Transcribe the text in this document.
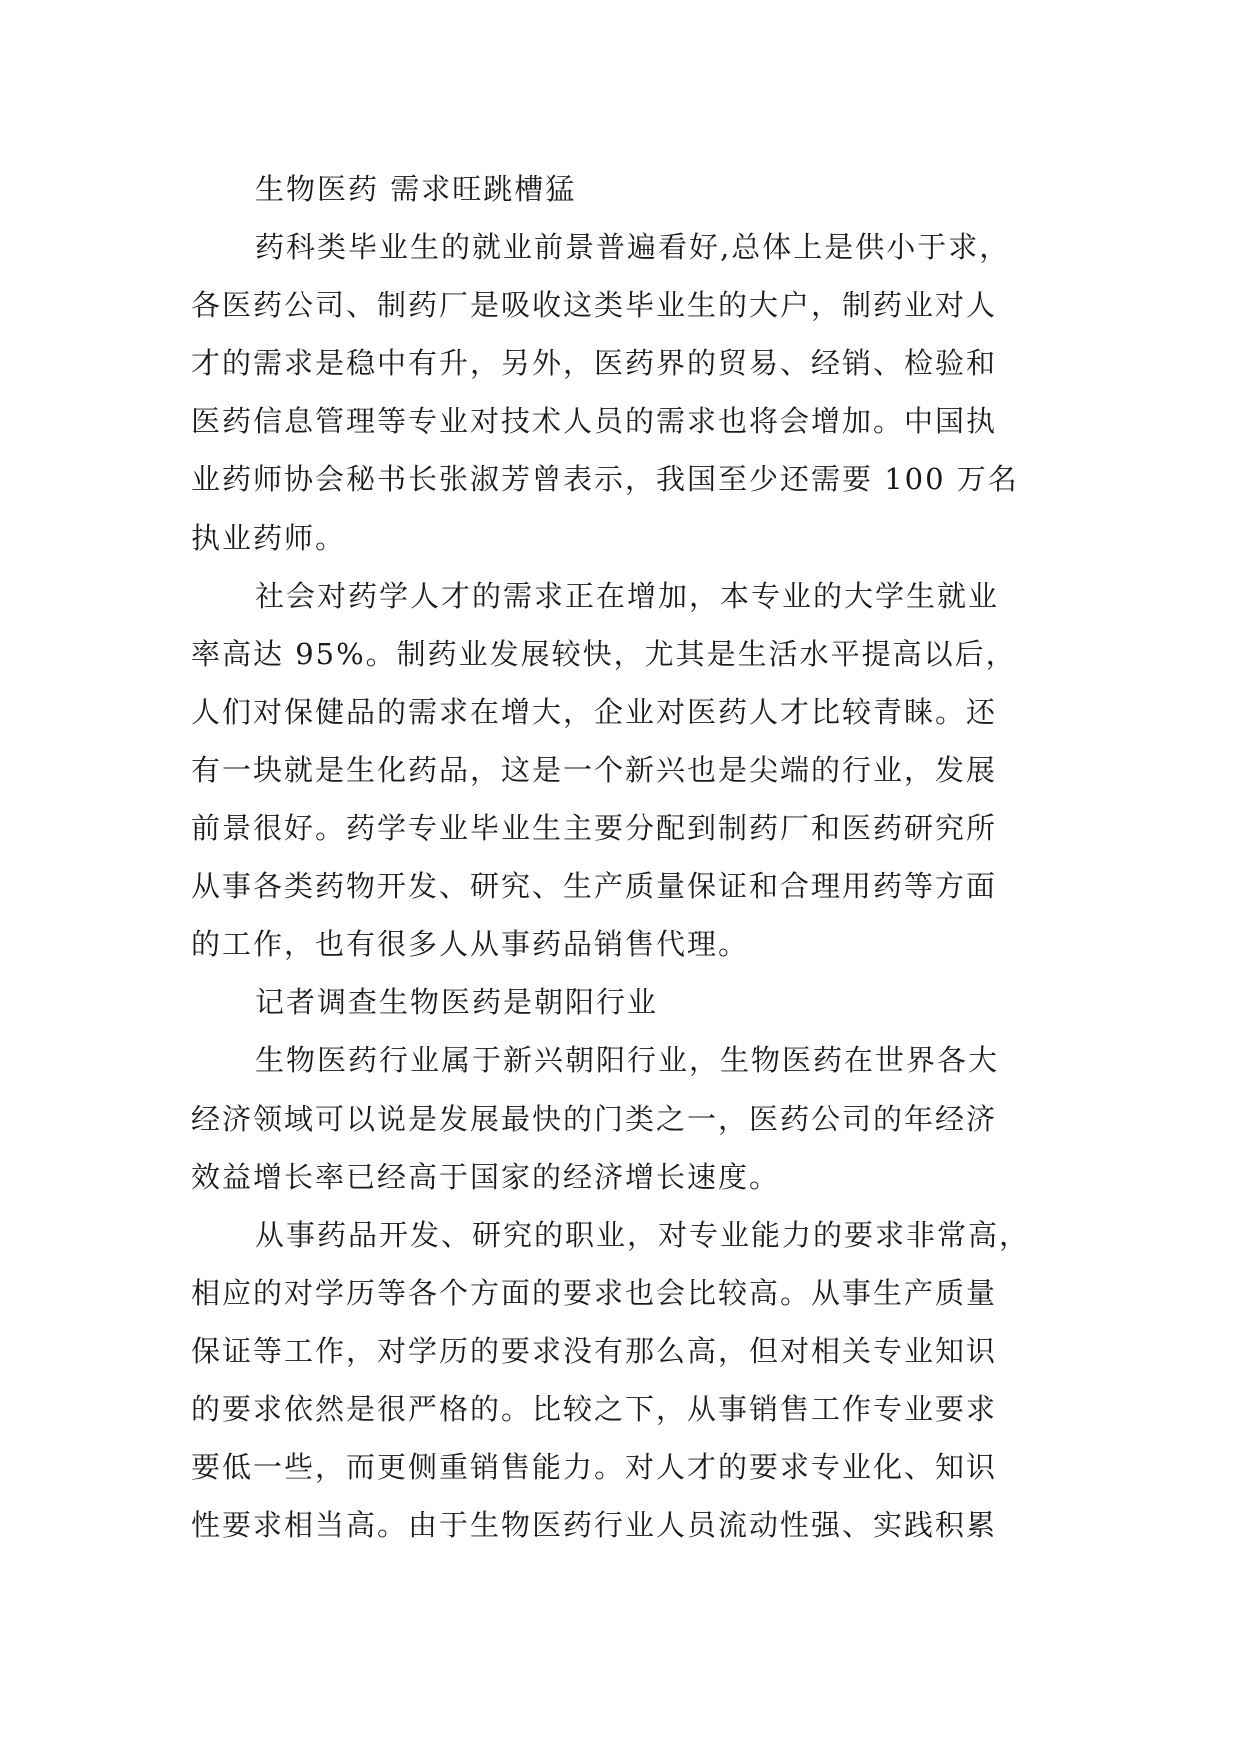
生物医药 需求旺跳槽猛
药科类毕业生的就业前景普遍看好,总体上是供小于求，
各医药公司、制药厂是吸收这类毕业生的大户，制药业对人
才的需求是稳中有升，另外，医药界的贸易、经销、检验和
医药信息管理等专业对技术人员的需求也将会增加。中国执
业药师协会秘书长张淑芳曾表示，我国至少还需要 100 万名
执业药师。
社会对药学人才的需求正在增加，本专业的大学生就业
率高达 95%。制药业发展较快，尤其是生活水平提高以后，
人们对保健品的需求在增大，企业对医药人才比较青睐。还
有一块就是生化药品，这是一个新兴也是尖端的行业，发展
前景很好。药学专业毕业生主要分配到制药厂和医药研究所
从事各类药物开发、研究、生产质量保证和合理用药等方面
的工作，也有很多人从事药品销售代理。
记者调查生物医药是朝阳行业
生物医药行业属于新兴朝阳行业，生物医药在世界各大
经济领域可以说是发展最快的门类之一，医药公司的年经济
效益增长率已经高于国家的经济增长速度。
从事药品开发、研究的职业，对专业能力的要求非常高，
相应的对学历等各个方面的要求也会比较高。从事生产质量
保证等工作，对学历的要求没有那么高，但对相关专业知识
的要求依然是很严格的。比较之下，从事销售工作专业要求
要低一些，而更侧重销售能力。对人才的要求专业化、知识
性要求相当高。由于生物医药行业人员流动性强、实践积累
